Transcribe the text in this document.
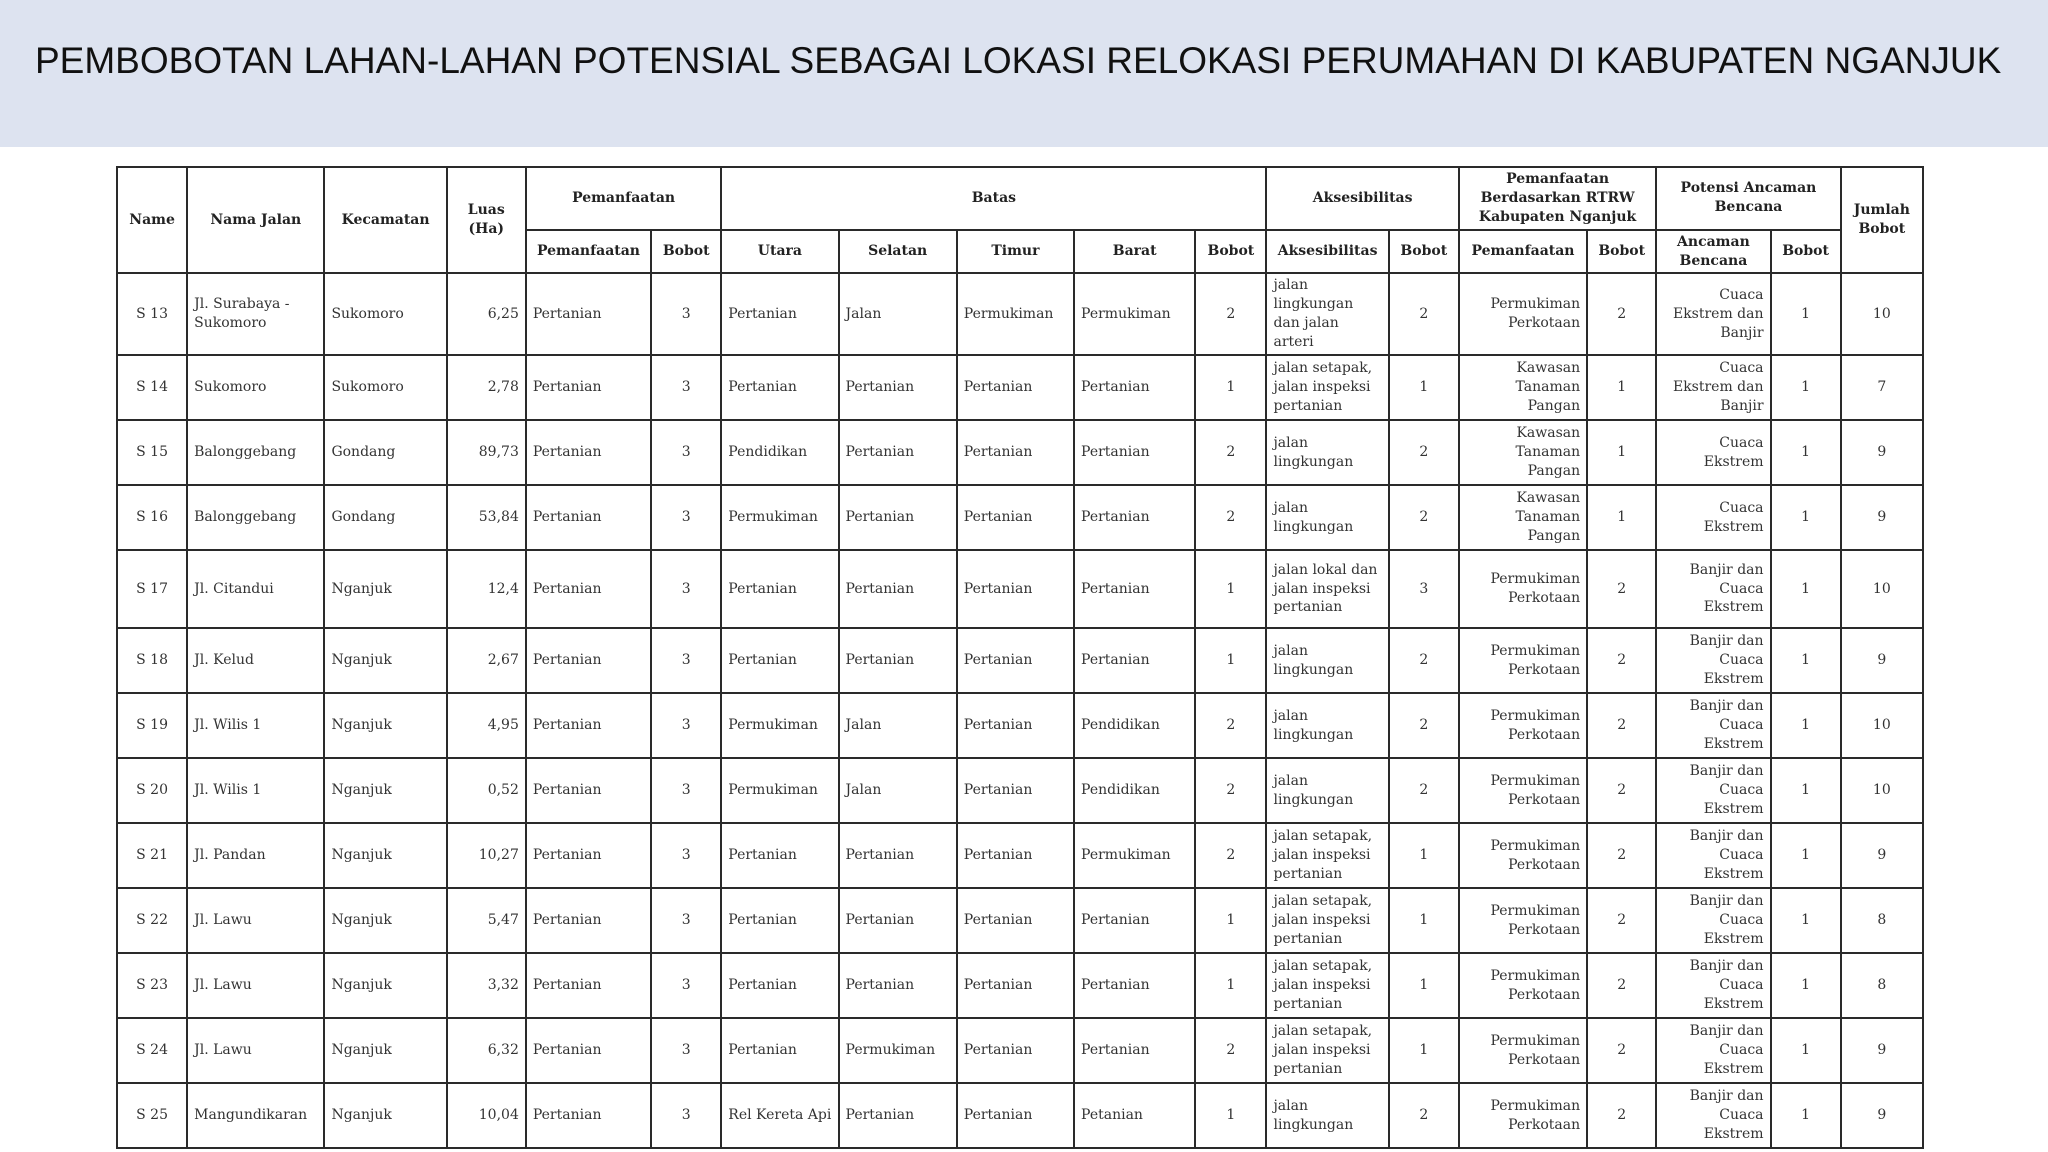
PEMBOBOTAN LAHAN-LAHAN POTENSIAL SEBAGAI LOKASI RELOKASI PERUMAHAN DI KABUPATEN NGANJUK
Name	Nama Jalan	Kecamatan	Luas (Ha)	Pemanfaatan		Batas					Aksesibilitas		Pemanfaatan Berdasarkan RTRW Kabupaten Nganjuk		Potensi Ancaman Bencana		Jumlah Bobot
				Pemanfaatan	Bobot	Utara	Selatan	Timur	Barat	Bobot	Aksesibilitas	Bobot	Pemanfaatan	Bobot	Ancaman Bencana	Bobot	
S 13	Jl. Surabaya - Sukomoro	Sukomoro	6,25	Pertanian	3	Pertanian	Jalan	Permukiman	Permukiman	2	jalan lingkungan dan jalan arteri	2	Permukiman Perkotaan	2	Cuaca Ekstrem dan Banjir	1	10
S 14	Sukomoro	Sukomoro	2,78	Pertanian	3	Pertanian	Pertanian	Pertanian	Pertanian	1	jalan setapak, jalan inspeksi pertanian	1	Kawasan Tanaman Pangan	1	Cuaca Ekstrem dan Banjir	1	7
S 15	Balonggebang	Gondang	89,73	Pertanian	3	Pendidikan	Pertanian	Pertanian	Pertanian	2	jalan lingkungan	2	Kawasan Tanaman Pangan	1	Cuaca Ekstrem	1	9
S 16	Balonggebang	Gondang	53,84	Pertanian	3	Permukiman	Pertanian	Pertanian	Pertanian	2	jalan lingkungan	2	Kawasan Tanaman Pangan	1	Cuaca Ekstrem	1	9
S 17	Jl. Citandui	Nganjuk	12,4	Pertanian	3	Pertanian	Pertanian	Pertanian	Pertanian	1	jalan lokal dan jalan inspeksi pertanian	3	Permukiman Perkotaan	2	Banjir dan Cuaca Ekstrem	1	10
S 18	Jl. Kelud	Nganjuk	2,67	Pertanian	3	Pertanian	Pertanian	Pertanian	Pertanian	1	jalan lingkungan	2	Permukiman Perkotaan	2	Banjir dan Cuaca Ekstrem	1	9
S 19	Jl. Wilis 1	Nganjuk	4,95	Pertanian	3	Permukiman	Jalan	Pertanian	Pendidikan	2	jalan lingkungan	2	Permukiman Perkotaan	2	Banjir dan Cuaca Ekstrem	1	10
S 20	Jl. Wilis 1	Nganjuk	0,52	Pertanian	3	Permukiman	Jalan	Pertanian	Pendidikan	2	jalan lingkungan	2	Permukiman Perkotaan	2	Banjir dan Cuaca Ekstrem	1	10
S 21	Jl. Pandan	Nganjuk	10,27	Pertanian	3	Pertanian	Pertanian	Pertanian	Permukiman	2	jalan setapak, jalan inspeksi pertanian	1	Permukiman Perkotaan	2	Banjir dan Cuaca Ekstrem	1	9
S 22	Jl. Lawu	Nganjuk	5,47	Pertanian	3	Pertanian	Pertanian	Pertanian	Pertanian	1	jalan setapak, jalan inspeksi pertanian	1	Permukiman Perkotaan	2	Banjir dan Cuaca Ekstrem	1	8
S 23	Jl. Lawu	Nganjuk	3,32	Pertanian	3	Pertanian	Pertanian	Pertanian	Pertanian	1	jalan setapak, jalan inspeksi pertanian	1	Permukiman Perkotaan	2	Banjir dan Cuaca Ekstrem	1	8
S 24	Jl. Lawu	Nganjuk	6,32	Pertanian	3	Pertanian	Permukiman	Pertanian	Pertanian	2	jalan setapak, jalan inspeksi pertanian	1	Permukiman Perkotaan	2	Banjir dan Cuaca Ekstrem	1	9
S 25	Mangundikaran	Nganjuk	10,04	Pertanian	3	Rel Kereta Api	Pertanian	Pertanian	Petanian	1	jalan lingkungan	2	Permukiman Perkotaan	2	Banjir dan Cuaca Ekstrem	1	9
